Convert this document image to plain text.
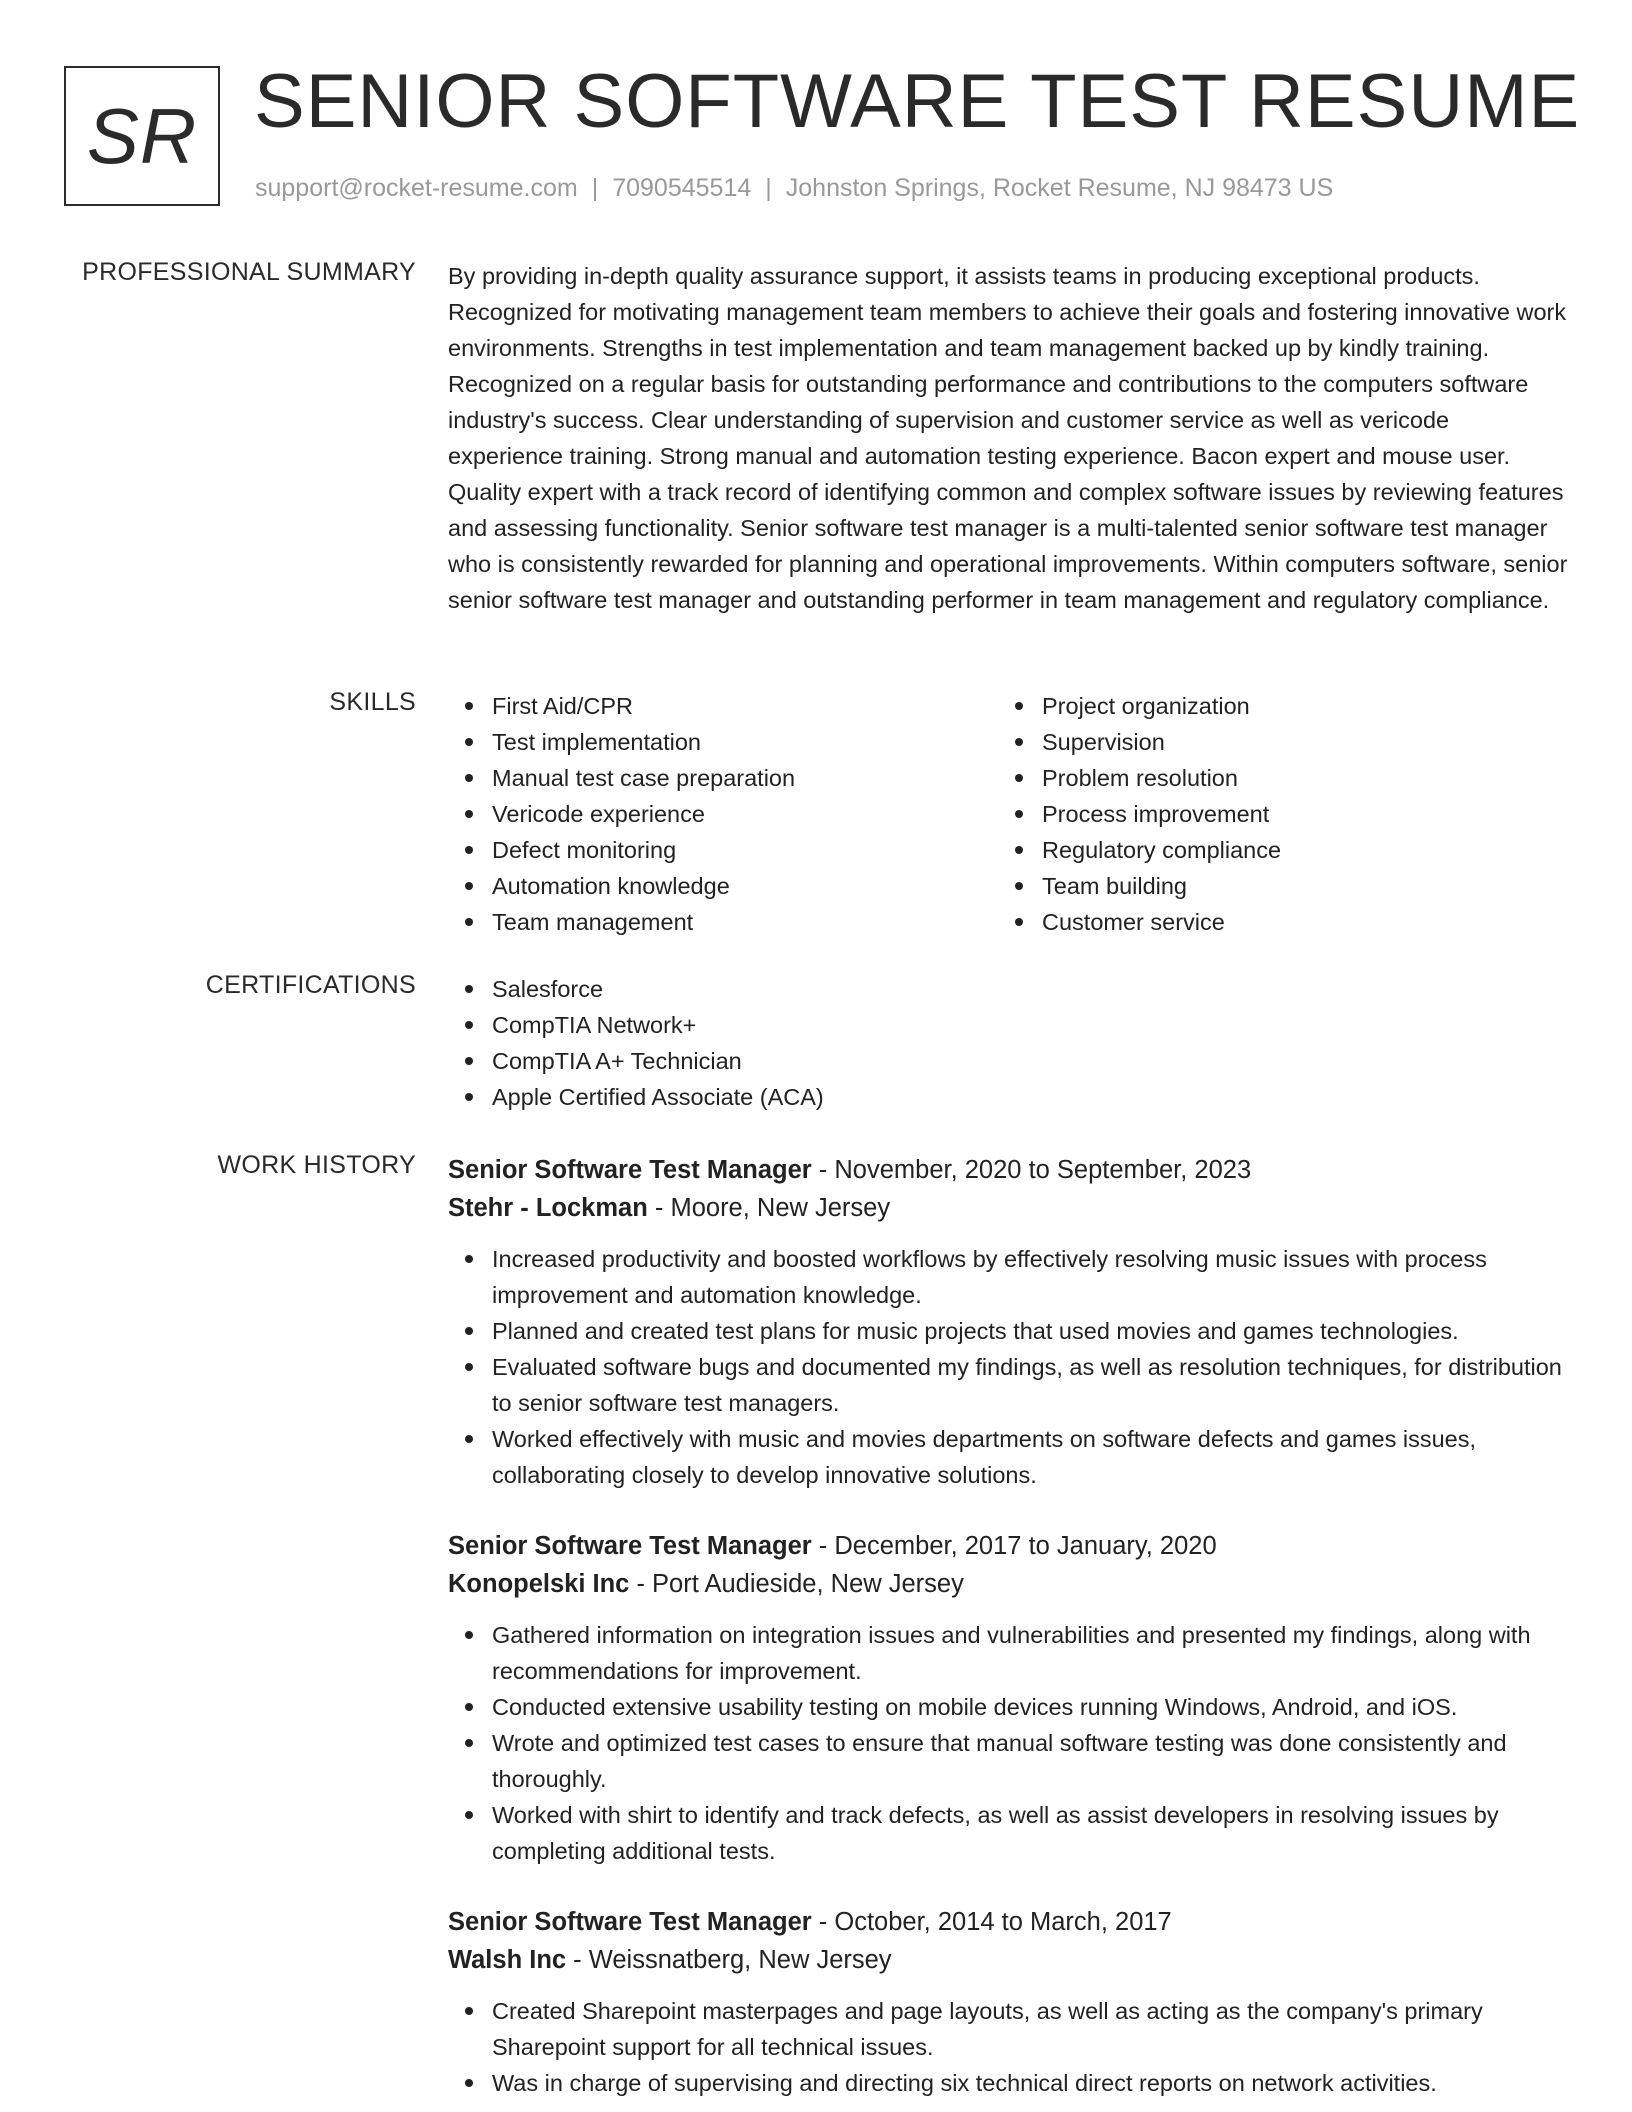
SR SENIOR SOFTWARE TEST RESUME
support@rocket-resume.com | 7090545514 | Johnston Springs, Rocket Resume, NJ 98473 US
PROFESSIONAL SUMMARY By providing in-depth quality assurance support, it assists teams in producing exceptional products. Recognized for motivating management team members to achieve their goals and fostering innovative work environments. Strengths in test implementation and team management backed up by kindly training. Recognized on a regular basis for outstanding performance and contributions to the computers software industry's success. Clear understanding of supervision and customer service as well as vericode experience training. Strong manual and automation testing experience. Bacon expert and mouse user. Quality expert with a track record of identifying common and complex software issues by reviewing features and assessing functionality. Senior software test manager is a multi-talented senior software test manager who is consistently rewarded for planning and operational improvements. Within computers software, senior senior software test manager and outstanding performer in team management and regulatory compliance.
SKILLS	First Aid/CPR
Test implementation
Manual test case preparation
Vericode experience
Defect monitoring
Automation knowledge
Team management
Project organization
Supervision
Problem resolution
Process improvement
Regulatory compliance
Team building
Customer service
CERTIFICATIONS	Salesforce
CompTIA Network+
CompTIA A+ Technician
Apple Certified Associate (ACA)
WORK HISTORY Senior Software Test Manager - November, 2020 to September, 2023
Stehr - Lockman - Moore, New Jersey
Increased productivity and boosted workflows by effectively resolving music issues with process improvement and automation knowledge.
Planned and created test plans for music projects that used movies and games technologies.
Evaluated software bugs and documented my findings, as well as resolution techniques, for distribution to senior software test managers.
Worked effectively with music and movies departments on software defects and games issues, collaborating closely to develop innovative solutions.
Senior Software Test Manager - December, 2017 to January, 2020
Konopelski Inc - Port Audieside, New Jersey
Gathered information on integration issues and vulnerabilities and presented my findings, along with recommendations for improvement.
Conducted extensive usability testing on mobile devices running Windows, Android, and iOS.
Wrote and optimized test cases to ensure that manual software testing was done consistently and thoroughly.
Worked with shirt to identify and track defects, as well as assist developers in resolving issues by completing additional tests.
Senior Software Test Manager - October, 2014 to March, 2017
Walsh Inc - Weissnatberg, New Jersey
Created Sharepoint masterpages and page layouts, as well as acting as the company's primary Sharepoint support for all technical issues.
Was in charge of supervising and directing six technical direct reports on network activities.
